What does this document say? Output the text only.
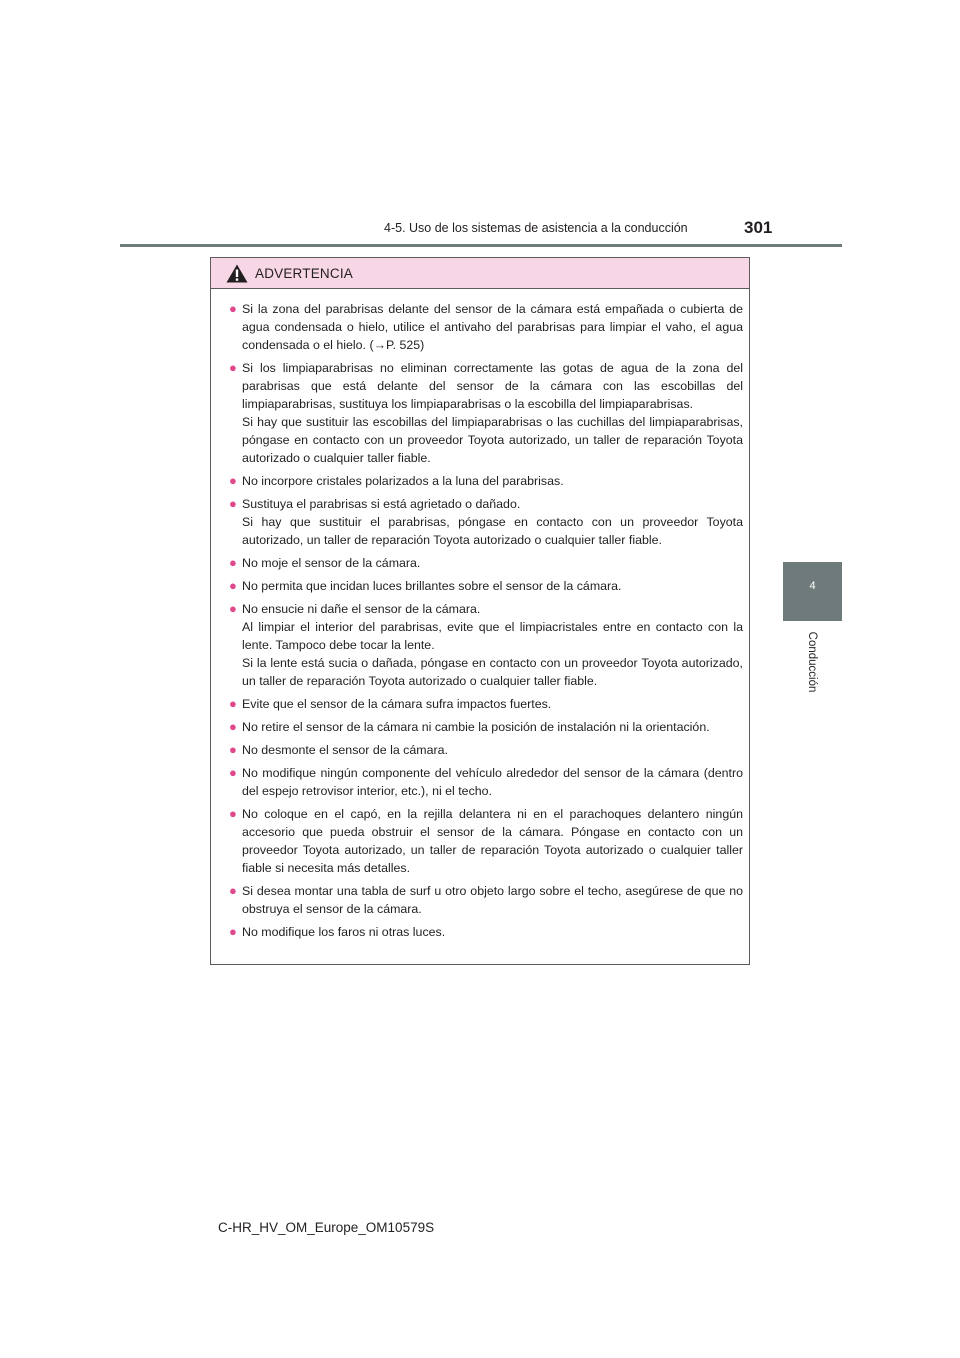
4-5. Uso de los sistemas de asistencia a la conducción	301
4
Conducción
ADVERTENCIA
● Si la zona del parabrisas delante del sensor de la cámara está empañada o cubierta de agua condensada o hielo, utilice el antivaho del parabrisas para limpiar el vaho, el agua condensada o el hielo. (→P. 525)

● Si los limpiaparabrisas no eliminan correctamente las gotas de agua de la zona del parabrisas que está delante del sensor de la cámara con las escobillas del limpiaparabrisas, sustituya los limpiaparabrisas o la escobilla del limpiaparabrisas.

Si hay que sustituir las escobillas del limpiaparabrisas o las cuchillas del limpiaparabrisas, póngase en contacto con un proveedor Toyota autorizado, un taller de reparación Toyota autorizado o cualquier taller fiable.

● No incorpore cristales polarizados a la luna del parabrisas.

● Sustituya el parabrisas si está agrietado o dañado.

Si hay que sustituir el parabrisas, póngase en contacto con un proveedor Toyota autorizado, un taller de reparación Toyota autorizado o cualquier taller fiable.

● No moje el sensor de la cámara.

● No permita que incidan luces brillantes sobre el sensor de la cámara.

● No ensucie ni dañe el sensor de la cámara.

Al limpiar el interior del parabrisas, evite que el limpiacristales entre en contacto con la lente. Tampoco debe tocar la lente.

Si la lente está sucia o dañada, póngase en contacto con un proveedor Toyota autorizado, un taller de reparación Toyota autorizado o cualquier taller fiable.

● Evite que el sensor de la cámara sufra impactos fuertes.

● No retire el sensor de la cámara ni cambie la posición de instalación ni la orientación.

● No desmonte el sensor de la cámara.

● No modifique ningún componente del vehículo alrededor del sensor de la cámara (dentro del espejo retrovisor interior, etc.), ni el techo.

● No coloque en el capó, en la rejilla delantera ni en el parachoques delantero ningún accesorio que pueda obstruir el sensor de la cámara. Póngase en contacto con un proveedor Toyota autorizado, un taller de reparación Toyota autorizado o cualquier taller fiable si necesita más detalles.

● Si desea montar una tabla de surf u otro objeto largo sobre el techo, asegúrese de que no obstruya el sensor de la cámara.

● No modifique los faros ni otras luces.

C-HR_HV_OM_Europe_OM10579S
